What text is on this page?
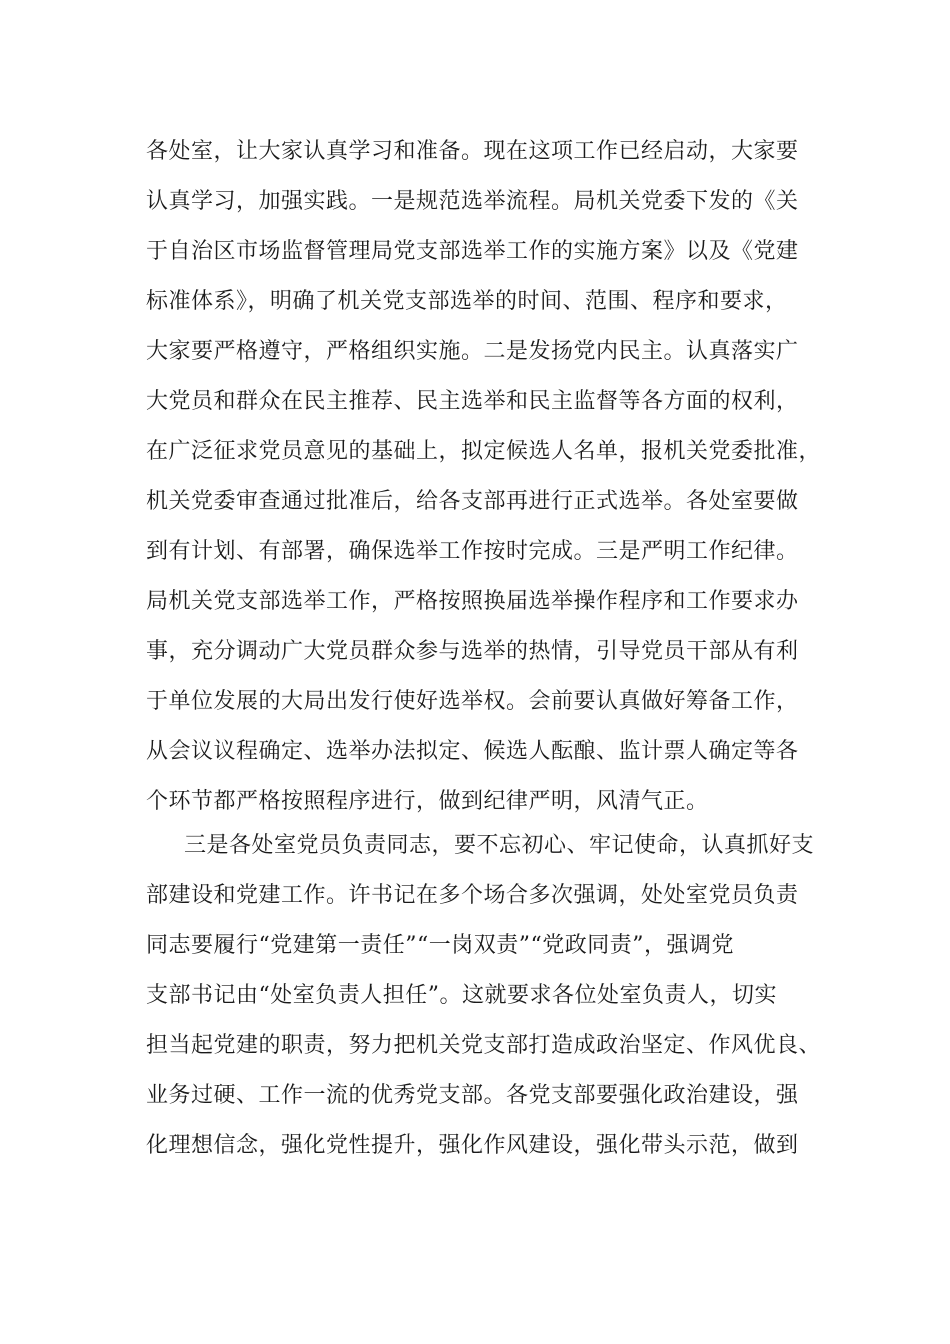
各处室，让大家认真学习和准备。现在这项工作已经启动，大家要
认真学习，加强实践。一是规范选举流程。局机关党委下发的《关
于自治区市场监督管理局党支部选举工作的实施方案》以及《党建
标准体系》，明确了机关党支部选举的时间、范围、程序和要求，
大家要严格遵守，严格组织实施。二是发扬党内民主。认真落实广
大党员和群众在民主推荐、民主选举和民主监督等各方面的权利，
在广泛征求党员意见的基础上，拟定候选人名单，报机关党委批准，
机关党委审查通过批准后，给各支部再进行正式选举。各处室要做
到有计划、有部署，确保选举工作按时完成。三是严明工作纪律。
局机关党支部选举工作，严格按照换届选举操作程序和工作要求办
事，充分调动广大党员群众参与选举的热情，引导党员干部从有利
于单位发展的大局出发行使好选举权。会前要认真做好筹备工作，
从会议议程确定、选举办法拟定、候选人酝酿、监计票人确定等各
个环节都严格按照程序进行，做到纪律严明，风清气正。
三是各处室党员负责同志，要不忘初心、牢记使命，认真抓好支
部建设和党建工作。许书记在多个场合多次强调，处处室党员负责
同志要履行“党建第一责任”“一岗双责”“党政同责”，强调党
支部书记由“处室负责人担任”。这就要求各位处室负责人，切实
担当起党建的职责，努力把机关党支部打造成政治坚定、作风优良、
业务过硬、工作一流的优秀党支部。各党支部要强化政治建设，强
化理想信念，强化党性提升，强化作风建设，强化带头示范，做到
